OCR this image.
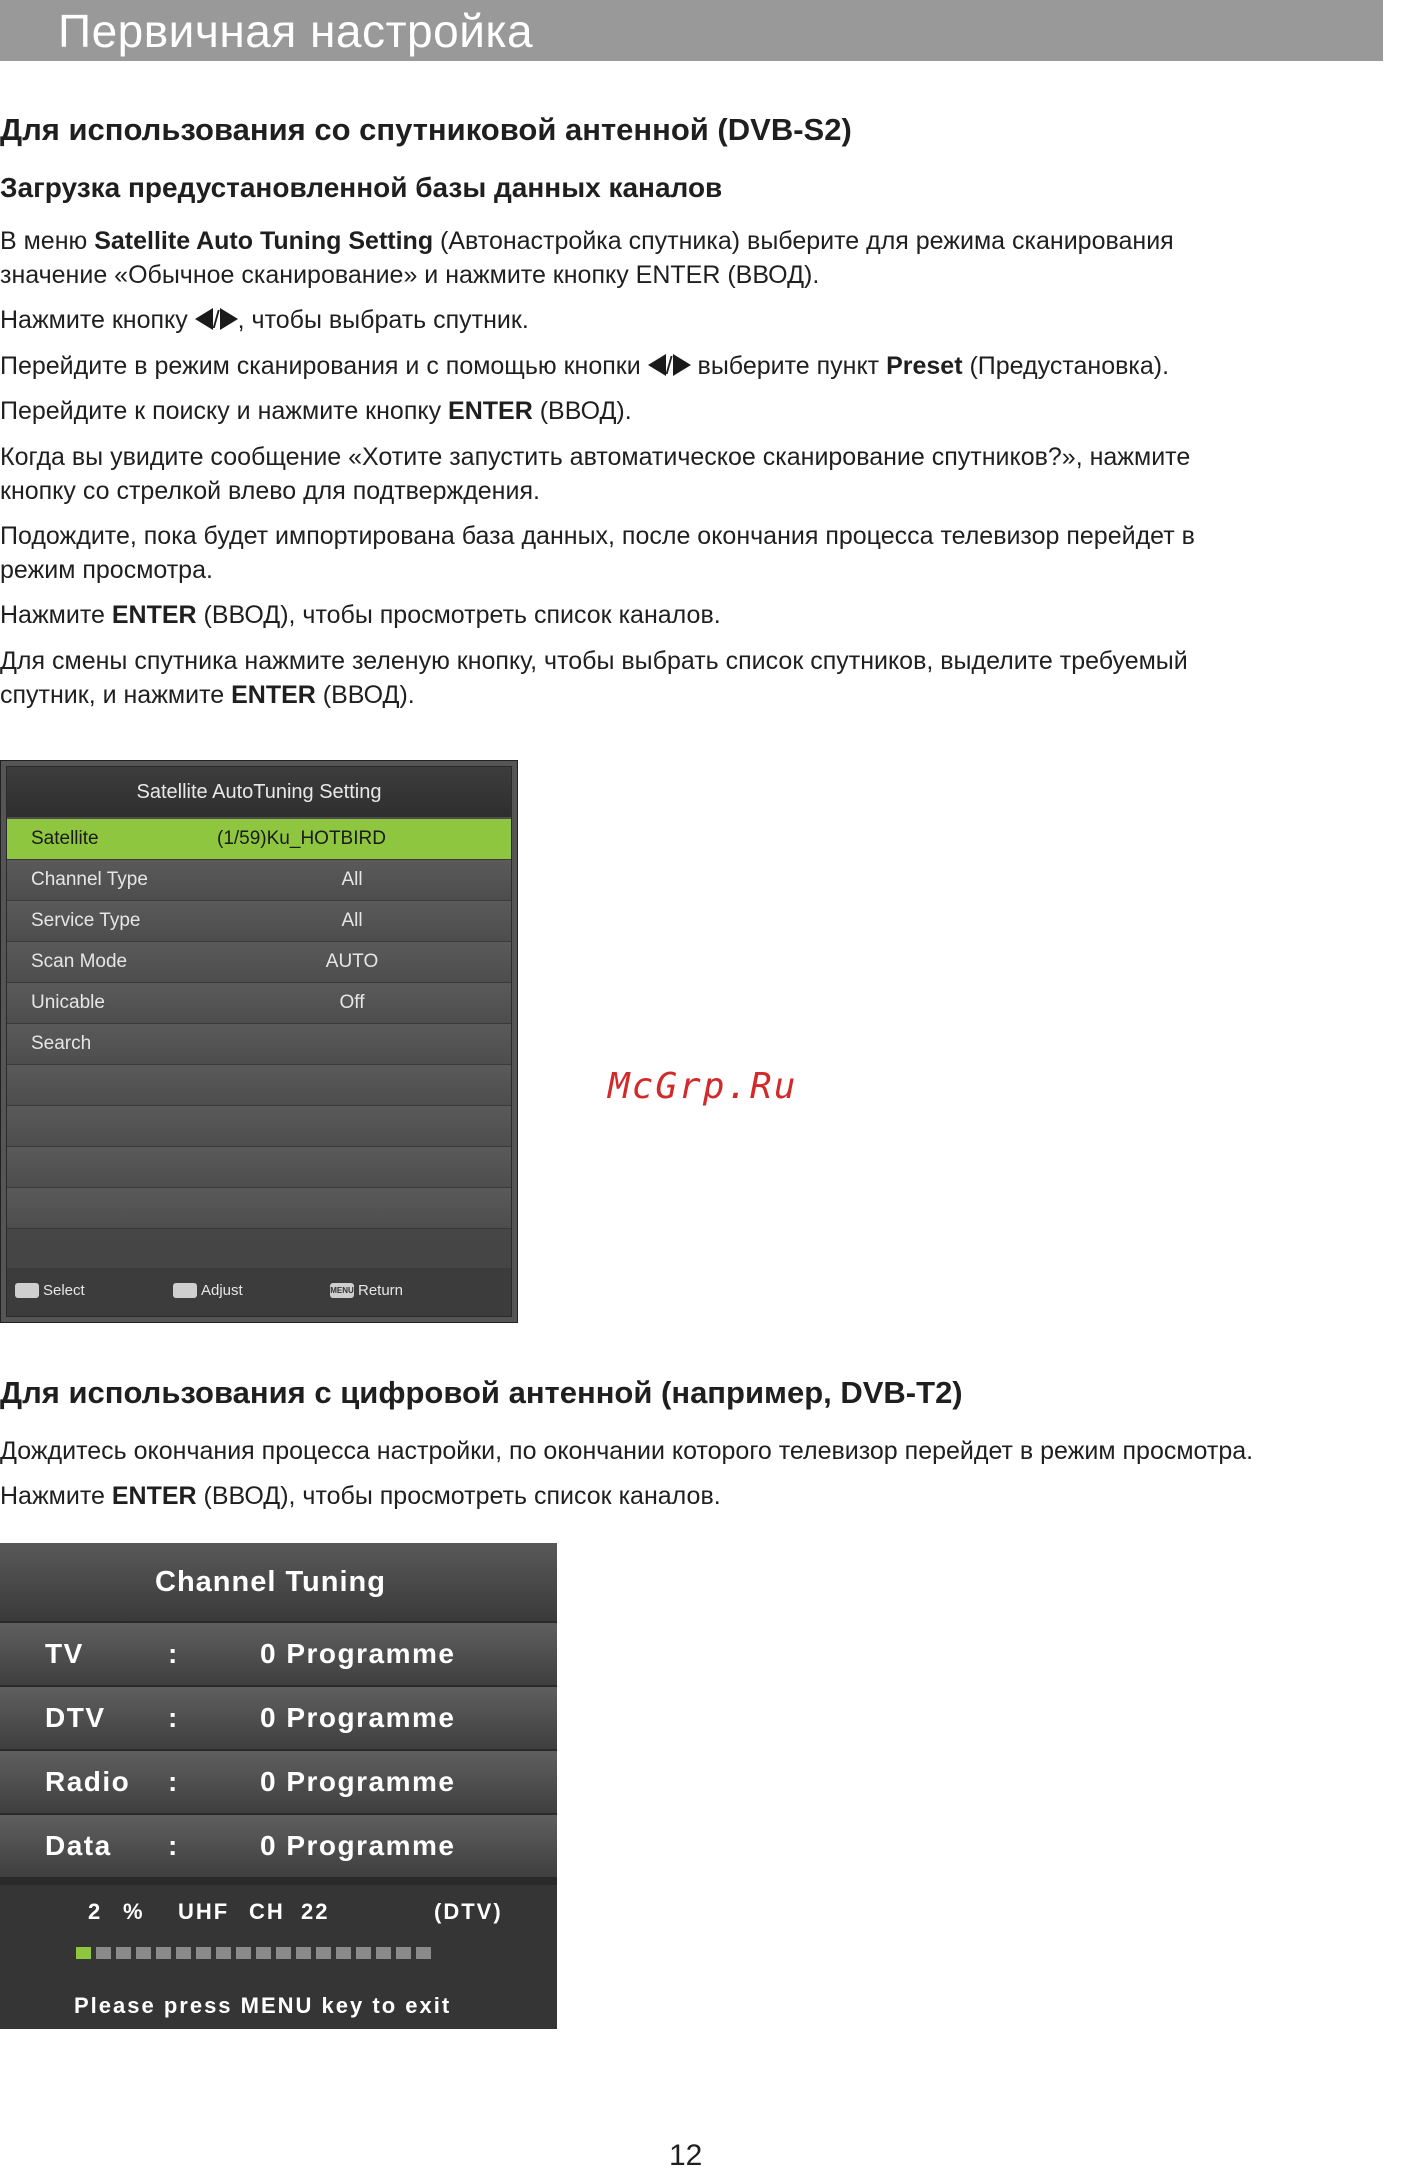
Первичная настройка
Для использования со спутниковой антенной (DVB-S2)
Загрузка предустановленной базы данных каналов
В меню Satellite Auto Tuning Setting (Автонастройка спутника) выберите для режима сканирования
значение «Обычное сканирование» и нажмите кнопку ENTER (ВВОД).
Нажмите кнопку / , чтобы выбрать спутник.
Перейдите в режим сканирования и с помощью кнопки / выберите пункт Preset (Предустановка).
Перейдите к поиску и нажмите кнопку ENTER (ВВОД).
Когда вы увидите сообщение «Хотите запустить автоматическое сканирование спутников?», нажмите
кнопку со стрелкой влево для подтверждения.
Подождите, пока будет импортирована база данных, после окончания процесса телевизор перейдет в
режим просмотра.
Нажмите ENTER (ВВОД), чтобы просмотреть список каналов.
Для смены спутника нажмите зеленую кнопку, чтобы выбрать список спутников, выделите требуемый
спутник, и нажмите ENTER (ВВОД).
Satellite AutoTuning Setting
Satellite	(1/59)Ku_HOTBIRD
Channel Type	All
Service Type	All
Scan Mode	AUTO
Unicable	Off
Search
Select	Adjust	MENU Return
McGrp.Ru
Для использования с цифровой антенной (например, DVB-T2)
Дождитесь окончания процесса настройки, по окончании которого телевизор перейдет в режим просмотра.
Нажмите ENTER (ВВОД), чтобы просмотреть список каналов.
Channel Tuning
TV	:	0 Programme
DTV :	0 Programme
Radio :	0 Programme
Data :	0 Programme
2 % UHF CH 22	(DTV)
Please press MENU key to exit
12
